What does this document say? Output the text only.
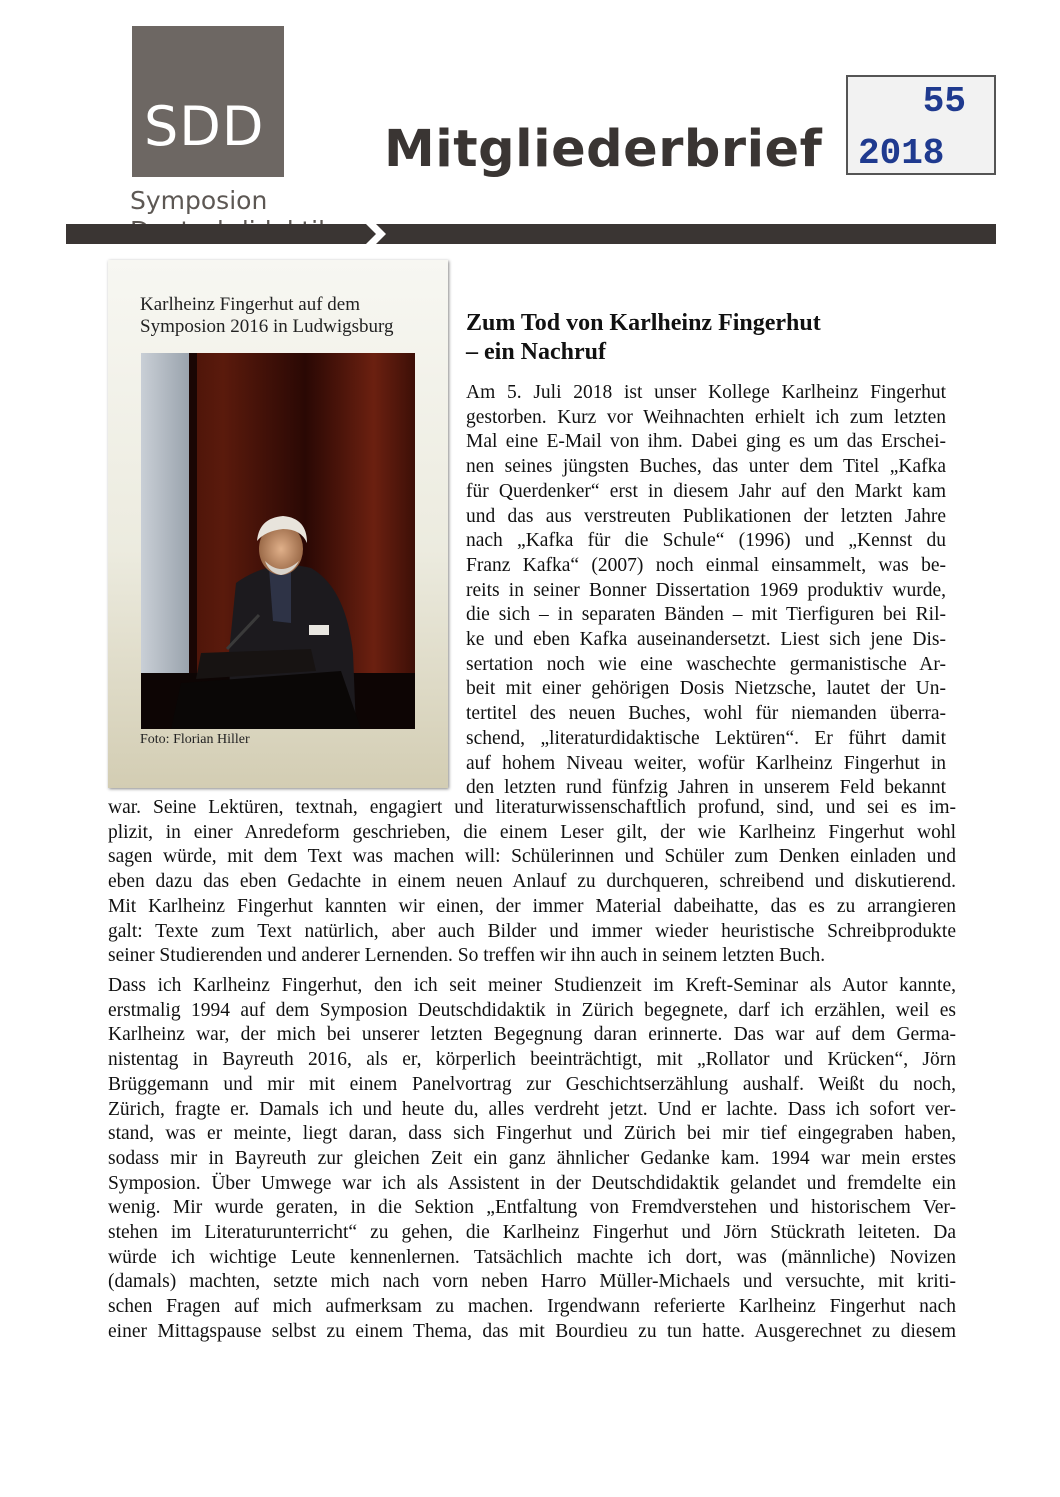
SDD
Symposion
Mitgliederbrief
55
2018
Karlheinz Fingerhut auf dem
Symposion 2016 in Ludwigsburg
Foto: Florian Hiller
Zum Tod von Karlheinz Fingerhut
– ein Nachruf
Am 5. Juli 2018 ist unser Kollege Karlheinz Fingerhut
gestorben. Kurz vor Weihnachten erhielt ich zum letzten
Mal eine E-Mail von ihm. Dabei ging es um das Erschei-
nen seines jüngsten Buches, das unter dem Titel „Kafka
für Querdenker“ erst in diesem Jahr auf den Markt kam
und das aus verstreuten Publikationen der letzten Jahre
nach „Kafka für die Schule“ (1996) und „Kennst du
Franz Kafka“ (2007) noch einmal einsammelt, was be-
reits in seiner Bonner Dissertation 1969 produktiv wurde,
die sich – in separaten Bänden – mit Tierfiguren bei Ril-
ke und eben Kafka auseinandersetzt. Liest sich jene Dis-
sertation noch wie eine waschechte germanistische Ar-
beit mit einer gehörigen Dosis Nietzsche, lautet der Un-
tertitel des neuen Buches, wohl für niemanden überra-
schend, „literaturdidaktische Lektüren“. Er führt damit
auf hohem Niveau weiter, wofür Karlheinz Fingerhut in
den letzten rund fünfzig Jahren in unserem Feld bekannt
war. Seine Lektüren, textnah, engagiert und literaturwissenschaftlich profund, sind, und sei es im-
plizit, in einer Anredeform geschrieben, die einem Leser gilt, der wie Karlheinz Fingerhut wohl
sagen würde, mit dem Text was machen will: Schülerinnen und Schüler zum Denken einladen und
eben dazu das eben Gedachte in einem neuen Anlauf zu durchqueren, schreibend und diskutierend.
Mit Karlheinz Fingerhut kannten wir einen, der immer Material dabeihatte, das es zu arrangieren
galt: Texte zum Text natürlich, aber auch Bilder und immer wieder heuristische Schreibprodukte
seiner Studierenden und anderer Lernenden. So treffen wir ihn auch in seinem letzten Buch.
Dass ich Karlheinz Fingerhut, den ich seit meiner Studienzeit im Kreft-Seminar als Autor kannte,
erstmalig 1994 auf dem Symposion Deutschdidaktik in Zürich begegnete, darf ich erzählen, weil es
Karlheinz war, der mich bei unserer letzten Begegnung daran erinnerte. Das war auf dem Germa-
nistentag in Bayreuth 2016, als er, körperlich beeinträchtigt, mit „Rollator und Krücken“, Jörn
Brüggemann und mir mit einem Panelvortrag zur Geschichtserzählung aushalf. Weißt du noch,
Zürich, fragte er. Damals ich und heute du, alles verdreht jetzt. Und er lachte. Dass ich sofort ver-
stand, was er meinte, liegt daran, dass sich Fingerhut und Zürich bei mir tief eingegraben haben,
sodass mir in Bayreuth zur gleichen Zeit ein ganz ähnlicher Gedanke kam. 1994 war mein erstes
Symposion. Über Umwege war ich als Assistent in der Deutschdidaktik gelandet und fremdelte ein
wenig. Mir wurde geraten, in die Sektion „Entfaltung von Fremdverstehen und historischem Ver-
stehen im Literaturunterricht“ zu gehen, die Karlheinz Fingerhut und Jörn Stückrath leiteten. Da
würde ich wichtige Leute kennenlernen. Tatsächlich machte ich dort, was (männliche) Novizen
(damals) machten, setzte mich nach vorn neben Harro Müller-Michaels und versuchte, mit kriti-
schen Fragen auf mich aufmerksam zu machen. Irgendwann referierte Karlheinz Fingerhut nach
einer Mittagspause selbst zu einem Thema, das mit Bourdieu zu tun hatte. Ausgerechnet zu diesem
